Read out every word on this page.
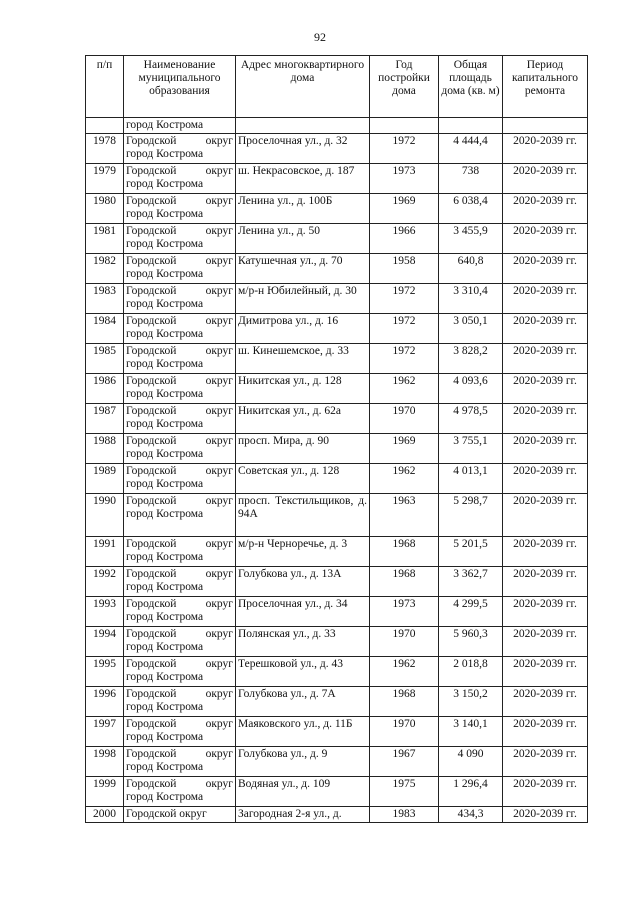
92
п/п	Наименование муниципального образования	Адрес многоквартирного дома	Год постройки дома	Общая площадь дома (кв. м)	Период капитального ремонта
	город Кострома				
1978	Городской округ город Кострома	Проселочная ул., д. 32	1972	4 444,4	2020-2039 гг.
1979	Городской округ город Кострома	ш. Некрасовское, д. 187	1973	738	2020-2039 гг.
1980	Городской округ город Кострома	Ленина ул., д. 100Б	1969	6 038,4	2020-2039 гг.
1981	Городской округ город Кострома	Ленина ул., д. 50	1966	3 455,9	2020-2039 гг.
1982	Городской округ город Кострома	Катушечная ул., д. 70	1958	640,8	2020-2039 гг.
1983	Городской округ город Кострома	м/р-н Юбилейный, д. 30	1972	3 310,4	2020-2039 гг.
1984	Городской округ город Кострома	Димитрова ул., д. 16	1972	3 050,1	2020-2039 гг.
1985	Городской округ город Кострома	ш. Кинешемское, д. 33	1972	3 828,2	2020-2039 гг.
1986	Городской округ город Кострома	Никитская ул., д. 128	1962	4 093,6	2020-2039 гг.
1987	Городской округ город Кострома	Никитская ул., д. 62а	1970	4 978,5	2020-2039 гг.
1988	Городской округ город Кострома	просп. Мира, д. 90	1969	3 755,1	2020-2039 гг.
1989	Городской округ город Кострома	Советская ул., д. 128	1962	4 013,1	2020-2039 гг.
1990	Городской округ город Кострома	просп. Текстильщиков, д. 94А	1963	5 298,7	2020-2039 гг.
1991	Городской округ город Кострома	м/р-н Черноречье, д. 3	1968	5 201,5	2020-2039 гг.
1992	Городской округ город Кострома	Голубкова ул., д. 13А	1968	3 362,7	2020-2039 гг.
1993	Городской округ город Кострома	Проселочная ул., д. 34	1973	4 299,5	2020-2039 гг.
1994	Городской округ город Кострома	Полянская ул., д. 33	1970	5 960,3	2020-2039 гг.
1995	Городской округ город Кострома	Терешковой ул., д. 43	1962	2 018,8	2020-2039 гг.
1996	Городской округ город Кострома	Голубкова ул., д. 7А	1968	3 150,2	2020-2039 гг.
1997	Городской округ город Кострома	Маяковского ул., д. 11Б	1970	3 140,1	2020-2039 гг.
1998	Городской округ город Кострома	Голубкова ул., д. 9	1967	4 090	2020-2039 гг.
1999	Городской округ город Кострома	Водяная ул., д. 109	1975	1 296,4	2020-2039 гг.
2000	Городской округ	Загородная 2-я ул., д.	1983	434,3	2020-2039 гг.
